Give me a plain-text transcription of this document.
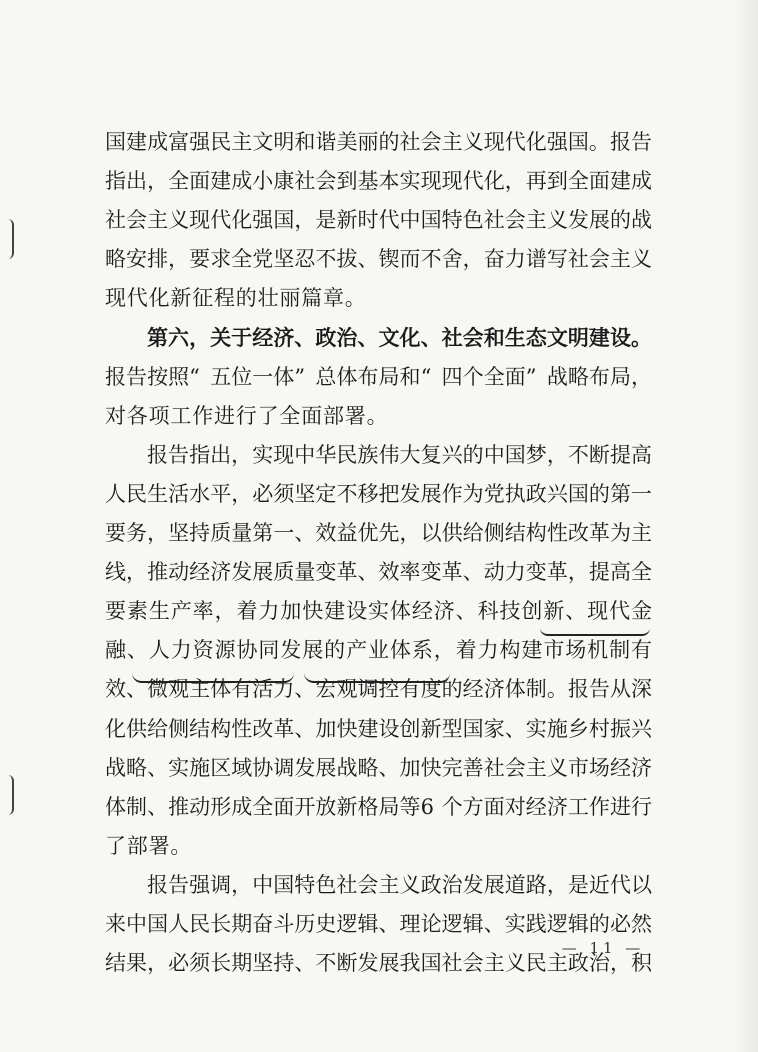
国 建 成 富 强 民 主 文 明 和 谐 美 丽 的 社 会 主 义 现 代 化 强 国 。 报 告
指 出 ， 全 面 建 成 小 康 社 会 到 基 本 实 现 现 代 化 ， 再 到 全 面 建 成
社 会 主 义 现 代 化 强 国 ， 是 新 时 代 中 国 特 色 社 会 主 义 发 展 的 战
略 安 排 ， 要 求 全 党 坚 忍 不 拔 、 锲 而 不 舍 ， 奋 力 谱 写 社 会 主 义
现 代 化 新 征 程 的 壮 丽 篇 章 。
第 六 ， 关 于 经 济 、 政 治 、 文 化 、 社 会 和 生 态 文 明 建 设 。
报 告 按 照 “ 五 位 一 体 ” 总 体 布 局 和 “ 四 个 全 面 ” 战 略 布 局 ，
对 各 项 工 作 进 行 了 全 面 部 署 。
报 告 指 出 ， 实 现 中 华 民 族 伟 大 复 兴 的 中 国 梦 ， 不 断 提 高
人 民 生 活 水 平 ， 必 须 坚 定 不 移 把 发 展 作 为 党 执 政 兴 国 的 第 一
要 务 ， 坚 持 质 量 第 一 、 效 益 优 先 ， 以 供 给 侧 结 构 性 改 革 为 主
线 ， 推 动 经 济 发 展 质 量 变 革 、 效 率 变 革 、 动 力 变 革 ， 提 高 全
要 素 生 产 率 ， 着 力 加 快 建 设 实 体 经 济 、 科 技 创 新 、 现 代 金
融 、 人 力 资 源 协 同 发 展 的 产 业 体 系 ， 着 力 构 建 市 场 机 制 有
效 、 微 观 主 体 有 活 力 、 宏 观 调 控 有 度 的 经 济 体 制 。 报 告 从 深
化 供 给 侧 结 构 性 改 革 、 加 快 建 设 创 新 型 国 家 、 实 施 乡 村 振 兴
战 略 、 实 施 区 域 协 调 发 展 战 略 、 加 快 完 善 社 会 主 义 市 场 经 济
体 制 、 推 动 形 成 全 面 开 放 新 格 局 等 6 个 方 面 对 经 济 工 作 进 行
了 部 署 。
报 告 强 调 ， 中 国 特 色 社 会 主 义 政 治 发 展 道 路 ， 是 近 代 以
来 中 国 人 民 长 期 奋 斗 历 史 逻 辑 、 理 论 逻 辑 、 实 践 逻 辑 的 必 然
结 果 ， 必 须 长 期 坚 持 、 不 断 发 展 我 国 社 会 主 义 民 主 政 治 ， 积
— 11 —
